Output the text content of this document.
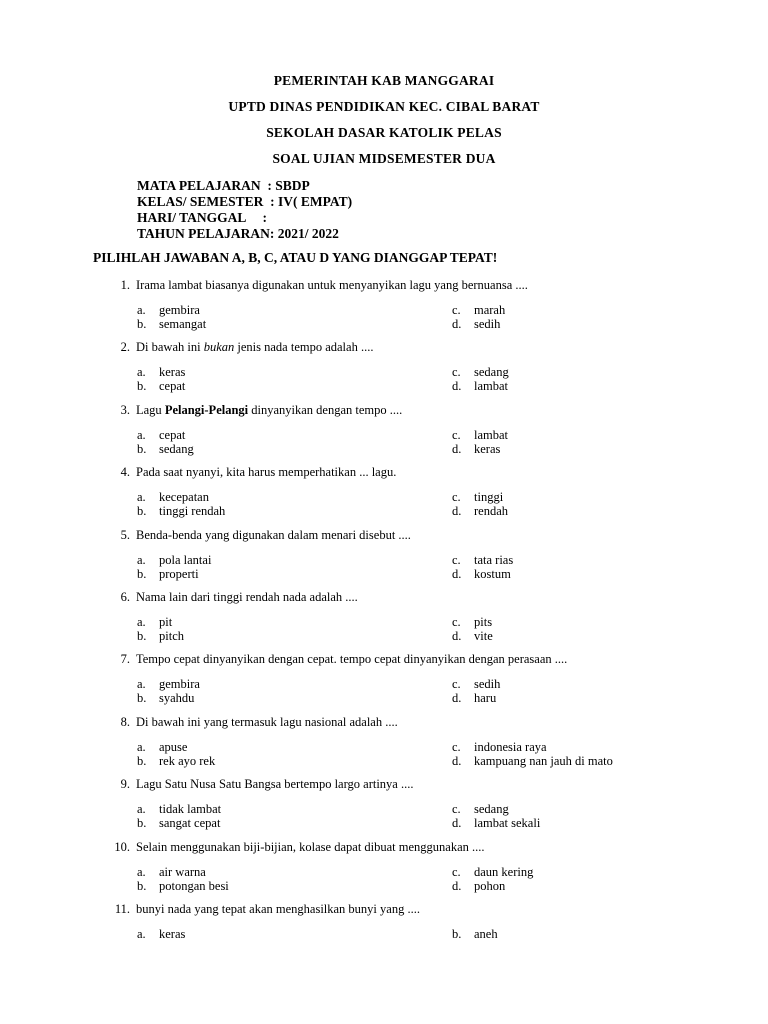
PEMERINTAH KAB MANGGARAI
UPTD DINAS PENDIDIKAN KEC. CIBAL BARAT
SEKOLAH DASAR KATOLIK PELAS
SOAL UJIAN MIDSEMESTER DUA
MATA PELAJARAN  : SBDP
KELAS/ SEMESTER  : IV( EMPAT)
HARI/ TANGGAL     :
TAHUN PELAJARAN: 2021/ 2022
PILIHLAH JAWABAN A, B, C, ATAU D YANG DIANGGAP TEPAT!
1. Irama lambat biasanya digunakan untuk menyanyikan lagu yang bernuansa ....
2. Di bawah ini bukan jenis nada tempo adalah ....
3. Lagu Pelangi-Pelangi dinyanyikan dengan tempo ....
4. Pada saat nyanyi, kita harus memperhatikan ... lagu.
5. Benda-benda yang digunakan dalam menari disebut ....
6. Nama lain dari tinggi rendah nada adalah ....
7. Tempo cepat dinyanyikan dengan cepat. tempo cepat dinyanyikan dengan perasaan ....
8. Di bawah ini yang termasuk lagu nasional adalah ....
9. Lagu Satu Nusa Satu Bangsa bertempo largo artinya ....
10. Selain menggunakan biji-bijian, kolase dapat dibuat menggunakan ....
11. bunyi nada yang tepat akan menghasilkan bunyi yang ....
a. gembira
b. semangat
c. marah
d. sedih
a. keras
b. cepat
c. sedang
d. lambat
a. cepat
b. sedang
c. lambat
d. keras
a. kecepatan
b. tinggi rendah
c. tinggi
d. rendah
a. pola lantai
b. properti
c. tata rias
d. kostum
a. pit
b. pitch
c. pits
d. vite
a. gembira
b. syahdu
c. sedih
d. haru
a. apuse
b. rek ayo rek
c. indonesia raya
d. kampuang nan jauh di mato
a. tidak lambat
b. sangat cepat
c. sedang
d. lambat sekali
a. air warna
b. potongan besi
c. daun kering
d. pohon
a. keras	b. aneh
